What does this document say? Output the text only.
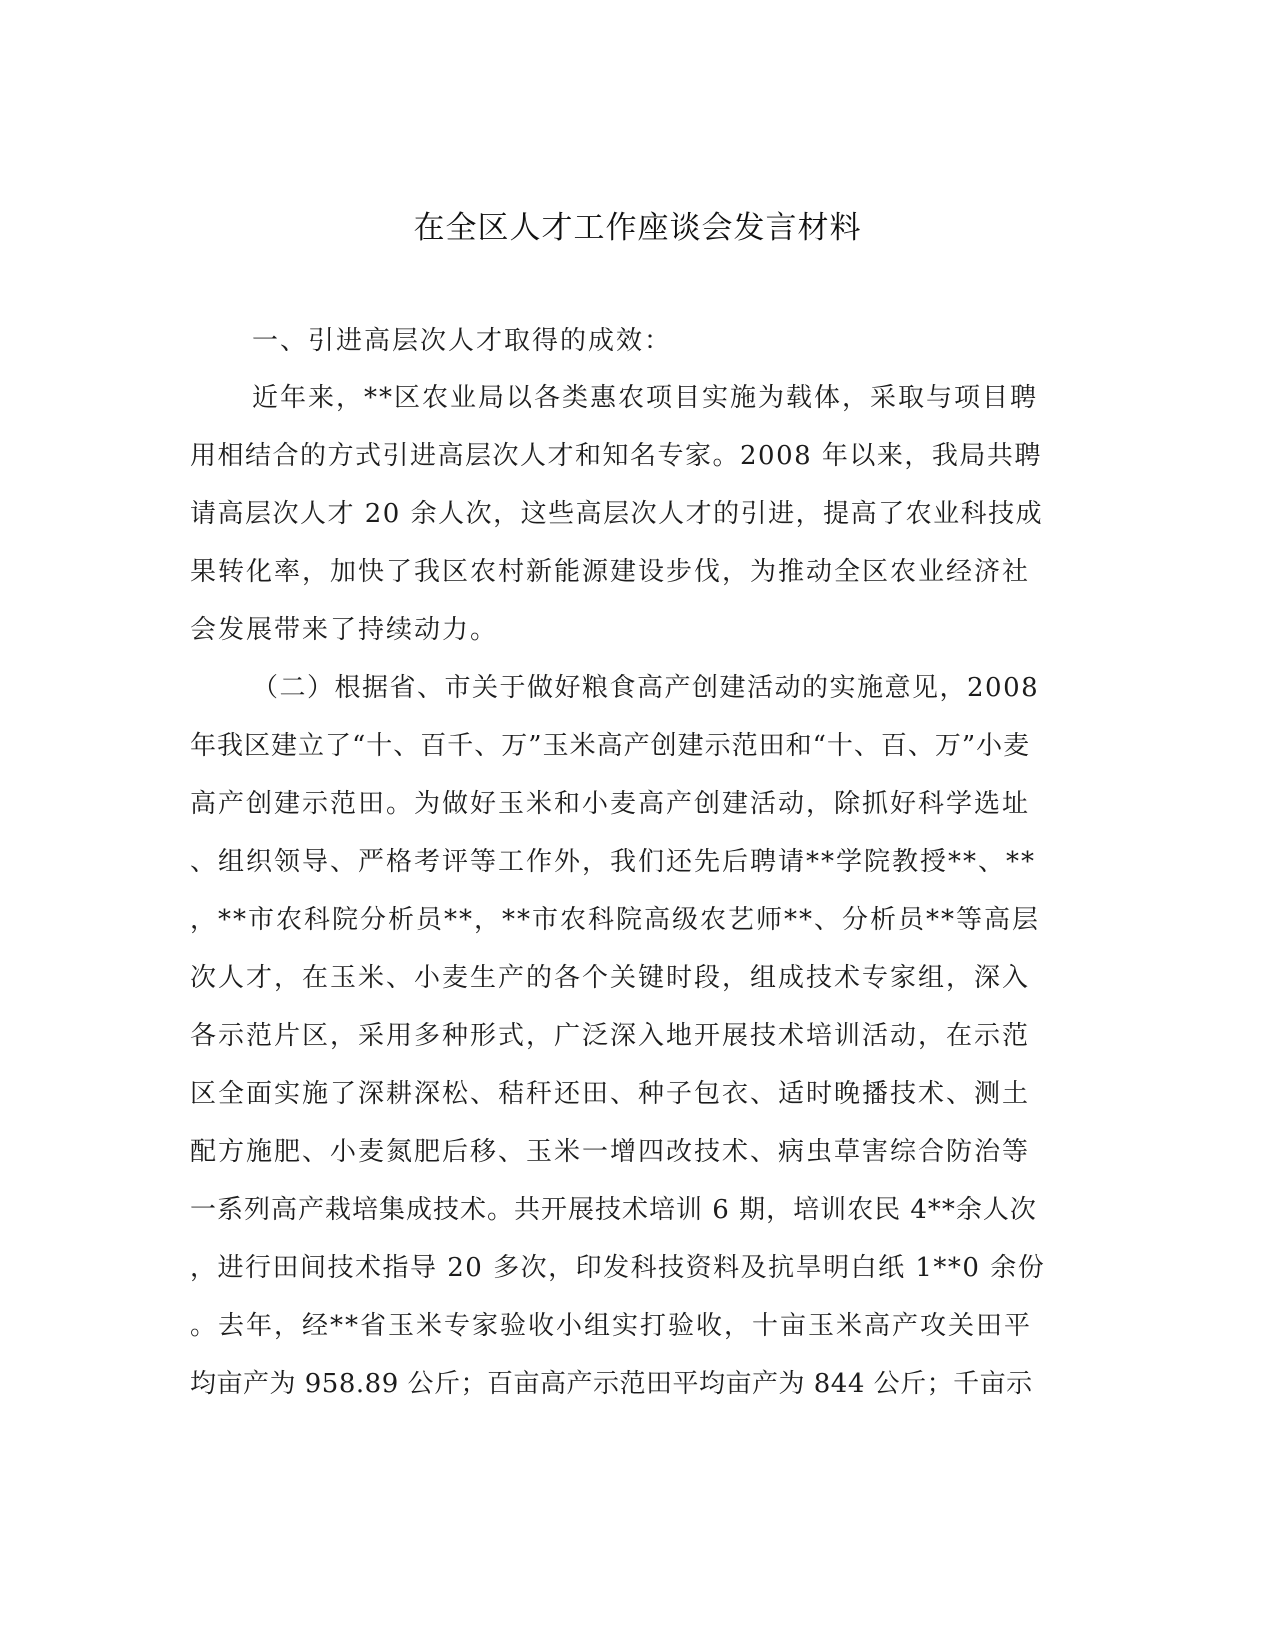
在全区人才工作座谈会发言材料
一、引进高层次人才取得的成效：
近年来，**区农业局以各类惠农项目实施为载体，采取与项目聘
用相结合的方式引进高层次人才和知名专家。2008 年以来，我局共聘
请高层次人才 20 余人次，这些高层次人才的引进，提高了农业科技成
果转化率，加快了我区农村新能源建设步伐，为推动全区农业经济社
会发展带来了持续动力。
（二）根据省、市关于做好粮食高产创建活动的实施意见，2008
年我区建立了“十、百千、万”玉米高产创建示范田和“十、百、万”小麦
高产创建示范田。为做好玉米和小麦高产创建活动，除抓好科学选址
、组织领导、严格考评等工作外，我们还先后聘请**学院教授**、**
，**市农科院分析员**，**市农科院高级农艺师**、分析员**等高层
次人才，在玉米、小麦生产的各个关键时段，组成技术专家组，深入
各示范片区，采用多种形式，广泛深入地开展技术培训活动，在示范
区全面实施了深耕深松、秸秆还田、种子包衣、适时晚播技术、测土
配方施肥、小麦氮肥后移、玉米一增四改技术、病虫草害综合防治等
一系列高产栽培集成技术。共开展技术培训 6 期，培训农民 4**余人次
，进行田间技术指导 20 多次，印发科技资料及抗旱明白纸 1**0 余份
。去年，经**省玉米专家验收小组实打验收，十亩玉米高产攻关田平
均亩产为 958.89 公斤；百亩高产示范田平均亩产为 844 公斤；千亩示
